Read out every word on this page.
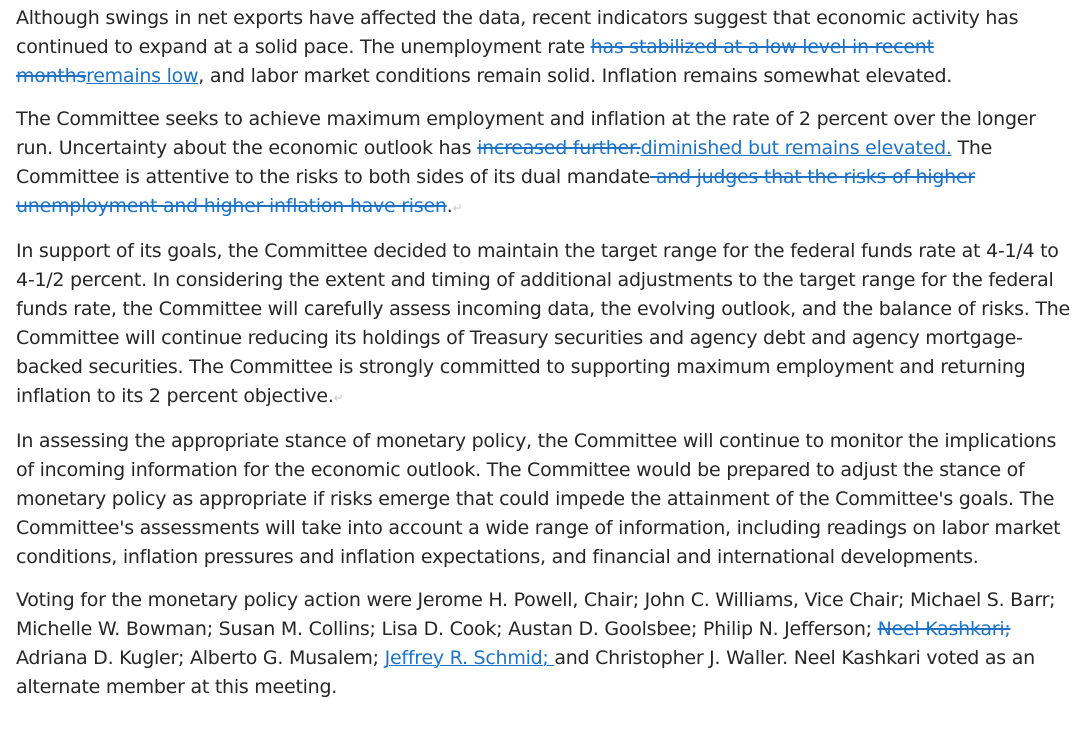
Although swings in net exports have affected the data, recent indicators suggest that economic activity has continued to expand at a solid pace. The unemployment rate has stabilized at a low level in recent monthsremains low, and labor market conditions remain solid. Inflation remains somewhat elevated.

The Committee seeks to achieve maximum employment and inflation at the rate of 2 percent over the longer run. Uncertainty about the economic outlook has increased further.diminished but remains elevated. The Committee is attentive to the risks to both sides of its dual mandate and judges that the risks of higher unemployment and higher inflation have risen.↵

In support of its goals, the Committee decided to maintain the target range for the federal funds rate at 4-1/4 to 4-1/2 percent. In considering the extent and timing of additional adjustments to the target range for the federal funds rate, the Committee will carefully assess incoming data, the evolving outlook, and the balance of risks. The Committee will continue reducing its holdings of Treasury securities and agency debt and agency mortgage-backed securities. The Committee is strongly committed to supporting maximum employment and returning inflation to its 2 percent objective.↵

In assessing the appropriate stance of monetary policy, the Committee will continue to monitor the implications of incoming information for the economic outlook. The Committee would be prepared to adjust the stance of monetary policy as appropriate if risks emerge that could impede the attainment of the Committee's goals. The Committee's assessments will take into account a wide range of information, including readings on labor market conditions, inflation pressures and inflation expectations, and financial and international developments.

Voting for the monetary policy action were Jerome H. Powell, Chair; John C. Williams, Vice Chair; Michael S. Barr; Michelle W. Bowman; Susan M. Collins; Lisa D. Cook; Austan D. Goolsbee; Philip N. Jefferson; Neel Kashkari; Adriana D. Kugler; Alberto G. Musalem; Jeffrey R. Schmid; and Christopher J. Waller. Neel Kashkari voted as an alternate member at this meeting.
